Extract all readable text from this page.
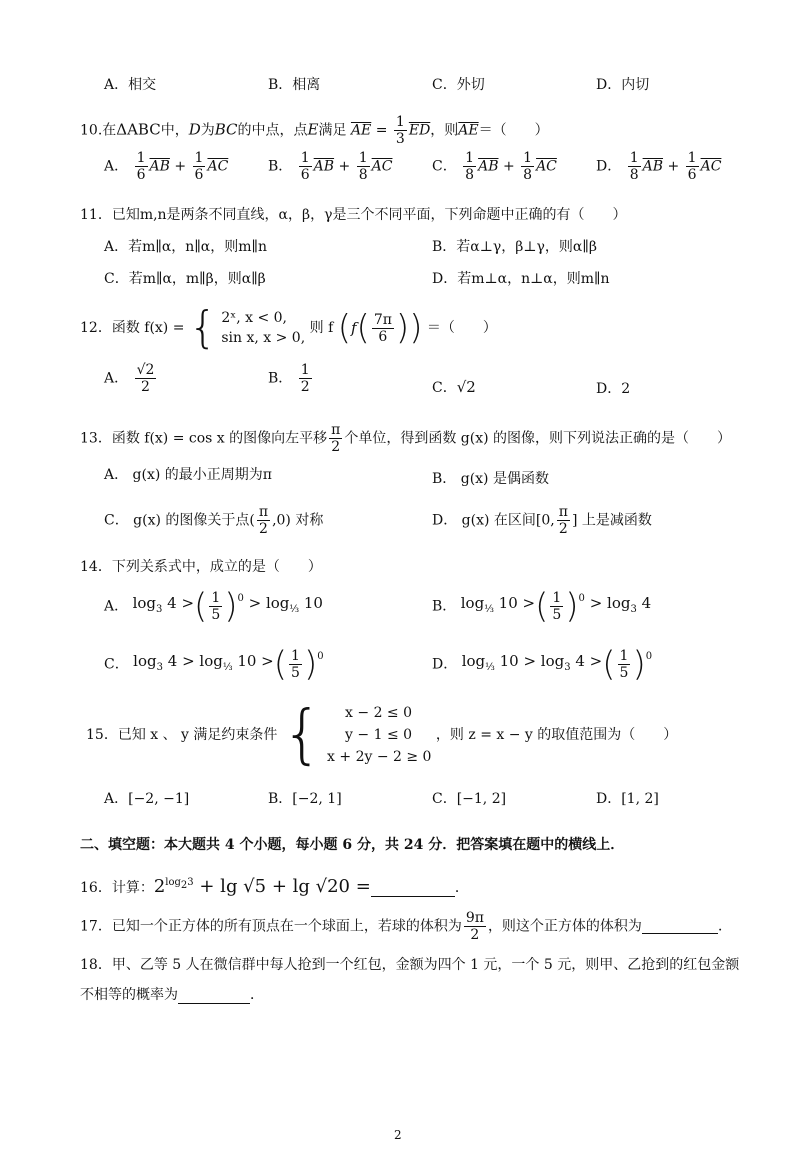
A．相交	B．相离	C．外切	D．内切
10.在ΔABC中，D为BC的中点，点E满足 $\overline{AE} = \frac{1}{3} \overline{ED}$，则$\overline{AE}=$（　　）
A． $\frac{1}{6} \overline{AB} + \frac{1}{6} \overline{AC}$	B． $\frac{1}{6} \overline{AB} + \frac{1}{8} \overline{AC}$	C． $\frac{1}{8} \overline{AB} + \frac{1}{8} \overline{AC}$	D． $\frac{1}{8} \overline{AB} + \frac{1}{6} \overline{AC}$
11．已知m,n是两条不同直线，α，β，γ是三个不同平面，下列命题中正确的有（　　）
A．若m∥α，n∥α，则m∥n	B．若α⊥γ，β⊥γ，则α∥β
C．若m∥α，m∥β，则α∥β	D．若m⊥α，n⊥α，则m∥n
12．函数 f(x) = { 2ˣ, x < 0,
sin x, x > 0,
则 f ($f( \frac{7\pi}{6}$ )) ＝（　　）
A． $\frac{√2}{2}$	B． $\frac{1}{2}$	C．√2	D．2
13．函数 f(x) = cos x 的图像向左平移 $\frac{\pi}{2}$ 个单位，得到函数 g(x) 的图像，则下列说法正确的是（　　）
A． g(x) 的最小正周期为π	B． g(x) 是偶函数
C． g(x) 的图像关于点( $\frac{\pi}{2} ,0$) 对称	D． g(x) 在区间[0, $\frac{\pi}{2}$ ] 上是减函数
14．下列关系式中，成立的是（　　）
A． $\log_3 4$ >( $\frac{1}{5} )^0 > \log_{\frac{1}{3}} 10$	B． $\log_{\frac{1}{3}} 10$ >( $\frac{1}{5} )^0 > \log_3 4$
C． $\log_3 4 > \log_{\frac{1}{3}} 10$ >( $\frac{1}{5} )^0$	D． $\log_{\frac{1}{3}} 10 > \log_3 4$ >( $\frac{1}{5} )^0$
15．已知 x 、 y 满足约束条件 {	x − 2 ≤ 0
y − 1 ≤ 0
x + 2y − 2 ≥ 0
，则 z = x − y 的取值范围为（　　）
A．[−2, −1]	B．[−2, 1]	C．[−1, 2]	D．[1, 2]
二、填空题：本大题共 4 个小题，每小题 6 分，共 24 分．把答案填在题中的横线上．
16．计算：$2^{log_23} + \lg √5 + \lg √20$ =	．
17．已知一个正方体的所有顶点在一个球面上，若球的体积为 $\frac{9\pi}{2}$ ，则这个正方体的体积为	．
18．甲、乙等 5 人在微信群中每人抢到一个红包，金额为四个 1 元，一个 5 元，则甲、乙抢到的红包金额
不相等的概率为	．
2
